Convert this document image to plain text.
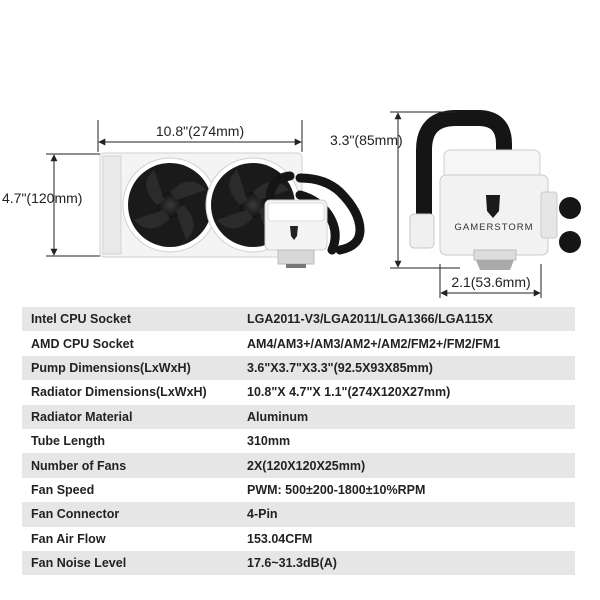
GAMERSTORM
10.8"(274mm)
4.7"(120mm)
3.3"(85mm)
2.1(53.6mm)
Intel CPU Socket	LGA2011-V3/LGA2011/LGA1366/LGA115X
AMD CPU Socket	AM4/AM3+/AM3/AM2+/AM2/FM2+/FM2/FM1
Pump Dimensions(LxWxH)	3.6"X3.7"X3.3"(92.5X93X85mm)
Radiator Dimensions(LxWxH)	10.8"X 4.7"X 1.1"(274X120X27mm)
Radiator Material	Aluminum
Tube Length	310mm
Number of Fans	2X(120X120X25mm)
Fan Speed	PWM: 500±200-1800±10%RPM
Fan Connector	4-Pin
Fan Air Flow	153.04CFM
Fan Noise Level	17.6~31.3dB(A)
